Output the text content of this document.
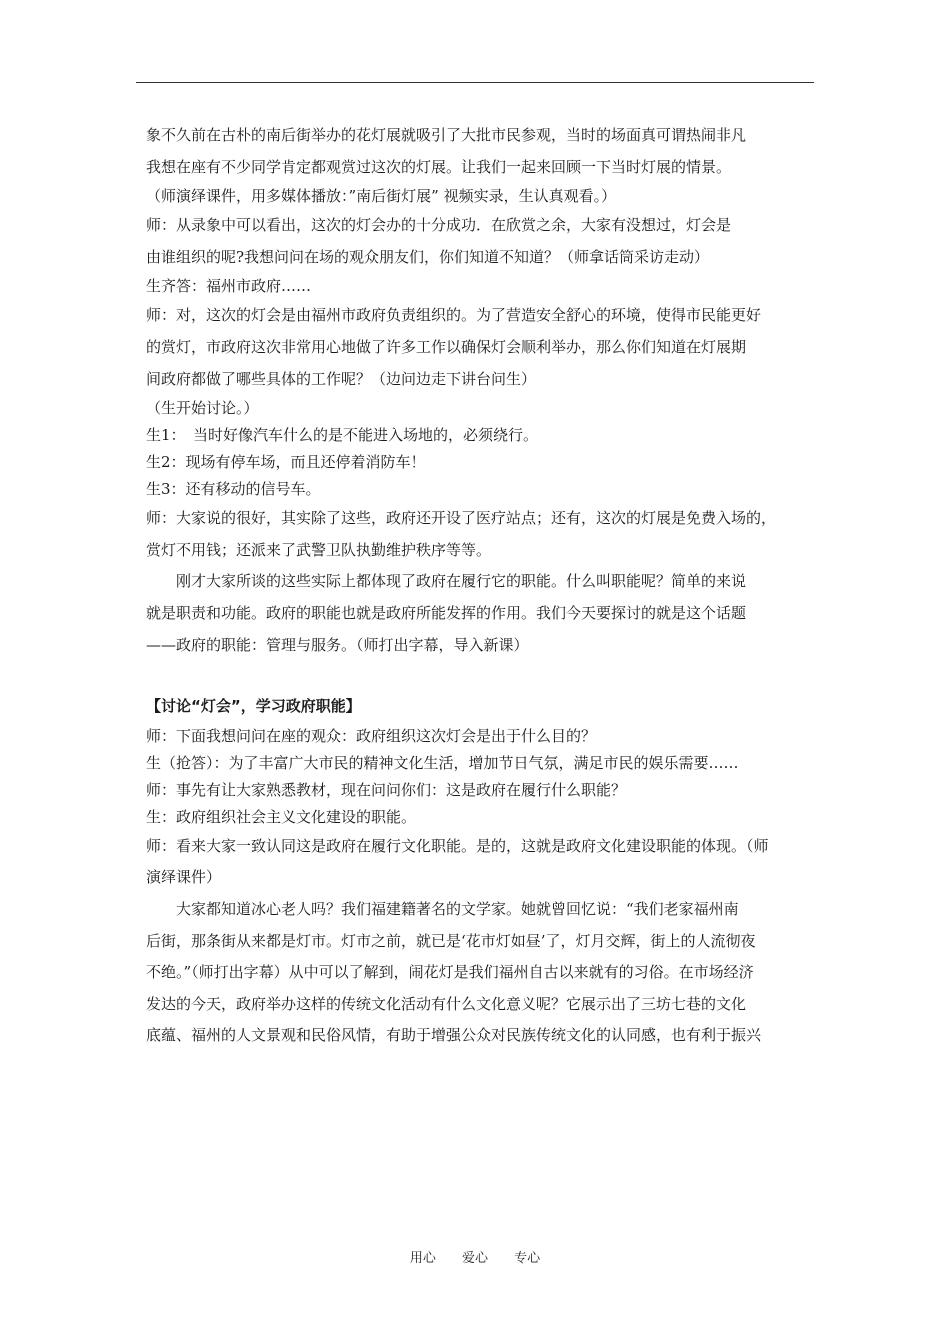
象不久前在古朴的南后街举办的花灯展就吸引了大批市民参观，当时的场面真可谓热闹非凡
我想在座有不少同学肯定都观赏过这次的灯展。让我们一起来回顾一下当时灯展的情景。
（师演绎课件，用多媒体播放：”南后街灯展” 视频实录，生认真观看。）
师：从录象中可以看出，这次的灯会办的十分成功．在欣赏之余，大家有没想过，灯会是
由谁组织的呢?我想问问在场的观众朋友们，你们知道不知道？（师拿话筒采访走动）
生齐答：福州市政府……
师：对，这次的灯会是由福州市政府负责组织的。为了营造安全舒心的环境，使得市民能更好
的赏灯，市政府这次非常用心地做了许多工作以确保灯会顺利举办，那么你们知道在灯展期
间政府都做了哪些具体的工作呢？（边问边走下讲台问生）
（生开始讨论。）
生1：　当时好像汽车什么的是不能进入场地的，必须绕行。
生2：现场有停车场，而且还停着消防车！
生3：还有移动的信号车。
师：大家说的很好，其实除了这些，政府还开设了医疗站点；还有，这次的灯展是免费入场的，
赏灯不用钱；还派来了武警卫队执勤维护秩序等等。
刚才大家所谈的这些实际上都体现了政府在履行它的职能。什么叫职能呢？简单的来说
就是职责和功能。政府的职能也就是政府所能发挥的作用。我们今天要探讨的就是这个话题
——政府的职能：管理与服务。（师打出字幕，导入新课）
【讨论“灯会”，学习政府职能】
师：下面我想问问在座的观众：政府组织这次灯会是出于什么目的？
生（抢答）：为了丰富广大市民的精神文化生活，增加节日气氛，满足市民的娱乐需要……
师：事先有让大家熟悉教材，现在问问你们：这是政府在履行什么职能？
生：政府组织社会主义文化建设的职能。
师：看来大家一致认同这是政府在履行文化职能。是的，这就是政府文化建设职能的体现。（师
演绎课件）
大家都知道冰心老人吗？我们福建籍著名的文学家。她就曾回忆说：“我们老家福州南
后街，那条街从来都是灯市。灯市之前，就已是‘花市灯如昼’了，灯月交辉，街上的人流彻夜
不绝。”（师打出字幕）从中可以了解到，闹花灯是我们福州自古以来就有的习俗。在市场经济
发达的今天，政府举办这样的传统文化活动有什么文化意义呢？它展示出了三坊七巷的文化
底蕴、福州的人文景观和民俗风情，有助于增强公众对民族传统文化的认同感，也有利于振兴
用心 爱心 专心
